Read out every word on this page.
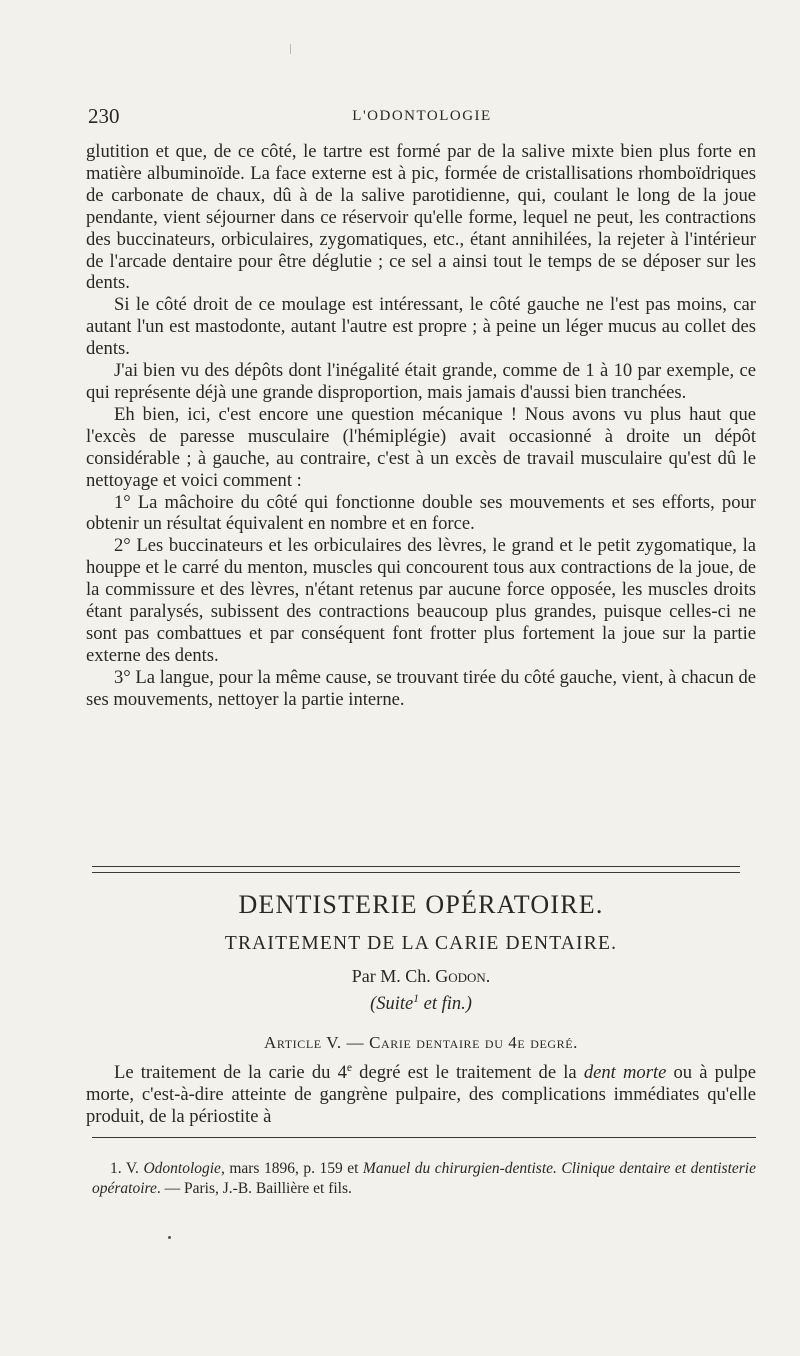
230	L'ODONTOLOGIE

glutition et que, de ce côté, le tartre est formé par de la salive mixte bien plus forte en matière albuminoïde. La face externe est à pic, formée de cristallisations rhomboïdriques de carbonate de chaux, dû à de la salive parotidienne, qui, coulant le long de la joue pendante, vient séjourner dans ce réservoir qu'elle forme, lequel ne peut, les contractions des buccinateurs, orbiculaires, zygomatiques, etc., étant annihilées, la rejeter à l'intérieur de l'arcade dentaire pour être déglutie ; ce sel a ainsi tout le temps de se déposer sur les dents.

Si le côté droit de ce moulage est intéressant, le côté gauche ne l'est pas moins, car autant l'un est mastodonte, autant l'autre est propre ; à peine un léger mucus au collet des dents.

J'ai bien vu des dépôts dont l'inégalité était grande, comme de 1 à 10 par exemple, ce qui représente déjà une grande disproportion, mais jamais d'aussi bien tranchées.

Eh bien, ici, c'est encore une question mécanique ! Nous avons vu plus haut que l'excès de paresse musculaire (l'hémiplégie) avait occasionné à droite un dépôt considérable ; à gauche, au contraire, c'est à un excès de travail musculaire qu'est dû le nettoyage et voici comment :

1° La mâchoire du côté qui fonctionne double ses mouvements et ses efforts, pour obtenir un résultat équivalent en nombre et en force.

2° Les buccinateurs et les orbiculaires des lèvres, le grand et le petit zygomatique, la houppe et le carré du menton, muscles qui concourent tous aux contractions de la joue, de la commissure et des lèvres, n'étant retenus par aucune force opposée, les muscles droits étant paralysés, subissent des contractions beaucoup plus grandes, puisque celles-ci ne sont pas combattues et par conséquent font frotter plus fortement la joue sur la partie externe des dents.

3° La langue, pour la même cause, se trouvant tirée du côté gauche, vient, à chacun de ses mouvements, nettoyer la partie interne.

DENTISTERIE OPÉRATOIRE.
TRAITEMENT DE LA CARIE DENTAIRE.
Par M. Ch. Godon.
(Suite$^1$ et fin.)
Article V. — Carie dentaire du 4e degré.

Le traitement de la carie du 4e degré est le traitement de la dent morte ou à pulpe morte, c'est-à-dire atteinte de gangrène pulpaire, des complications immédiates qu'elle produit, de la périostite à

1. V. Odontologie, mars 1896, p. 159 et Manuel du chirurgien-dentiste. Clinique dentaire et dentisterie opératoire. — Paris, J.-B. Baillière et fils.
